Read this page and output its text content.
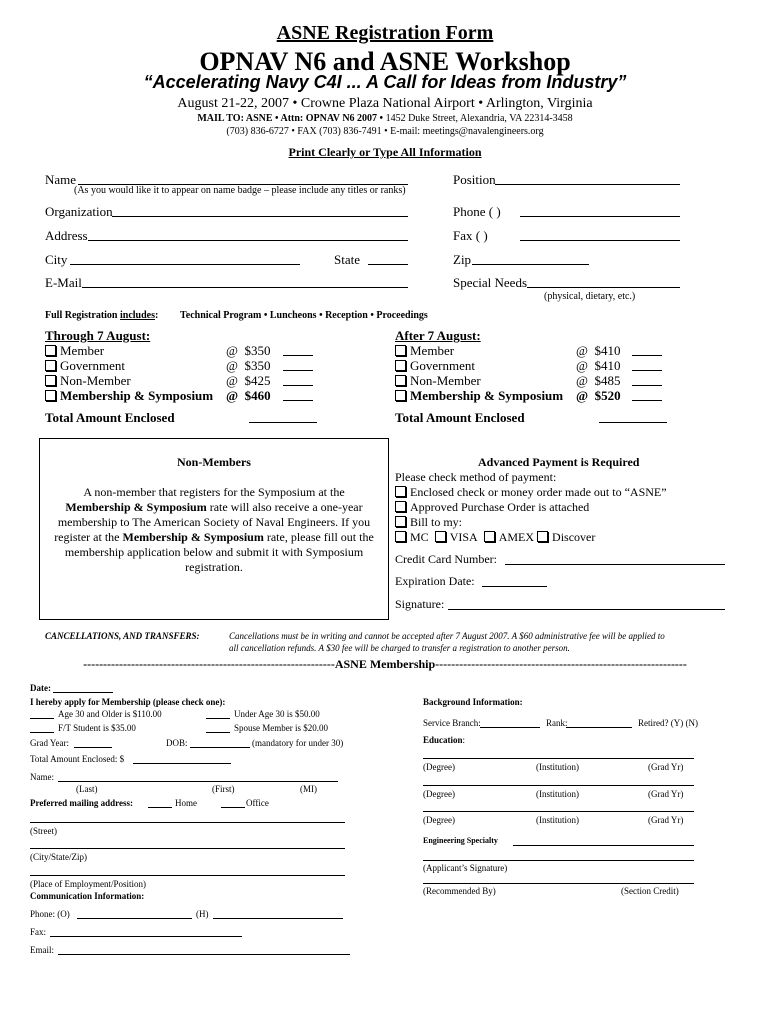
ASNE Registration Form
OPNAV N6 and ASNE Workshop
“Accelerating Navy C4I ... A Call for Ideas from Industry”
August 21-22, 2007 • Crowne Plaza National Airport • Arlington, Virginia
MAIL TO: ASNE • Attn: OPNAV N6 2007 • 1452 Duke Street, Alexandria, VA 22314-3458
(703) 836-6727 • FAX (703) 836-7491 • E-mail: meetings@navalengineers.org
Print Clearly or Type All Information
Name
(As you would like it to appear on name badge – please include any titles or ranks)
Position
Organization	Phone ( )
Address	Fax ( )
City	State	Zip
E-Mail	Special Needs
(physical, dietary, etc.)
Full Registration includes: Technical Program • Luncheons • Reception • Proceedings
Through 7 August:	After 7 August:
Member	@ $350
Government	@ $350
Non-Member	@ $425
Membership & Symposium @ $460
Total Amount Enclosed
Member	@ $410
Government	@ $410
Non-Member	@ $485
Membership & Symposium @ $520
Total Amount Enclosed
Non-Members
A non-member that registers for the Symposium at the
Membership & Symposium rate will also receive a one-year
membership to The American Society of Naval Engineers. If you
register at the Membership & Symposium rate, please fill out the
membership application below and submit it with Symposium
registration.
Advanced Payment is Required
Please check method of payment:
Enclosed check or money order made out to “ASNE”
Approved Purchase Order is attached
Bill to my:
MC VISA AMEX Discover
Credit Card Number:
Expiration Date:
Signature:
CANCELLATIONS, AND TRANSFERS:	Cancellations must be in writing and cannot be accepted after 7 August 2007. A $60 administrative fee will be applied to
all cancellation refunds. A $30 fee will be charged to transfer a registration to another person.
---------------------------------------------------------------ASNE Membership---------------------------------------------------------------
Date:
I hereby apply for Membership (please check one):
Age 30 and Older is $110.00	Under Age 30 is $50.00
F/T Student is $35.00	Spouse Member is $20.00
Grad Year:	DOB:	(mandatory for under 30)
Total Amount Enclosed: $
Name:
(Last)	(First)	(MI)
Preferred mailing address:	Home	Office
(Street)
(City/State/Zip)
(Place of Employment/Position)
Communication Information:
Phone: (O)	(H)
Fax:
Email:
Background Information:
Service Branch:	Rank:	Retired? (Y) (N)
Education:
(Degree)	(Institution)	(Grad Yr)
(Degree)	(Institution)	(Grad Yr)
(Degree)	(Institution)	(Grad Yr)
Engineering Specialty
(Applicant’s Signature)
(Recommended By)	(Section Credit)
